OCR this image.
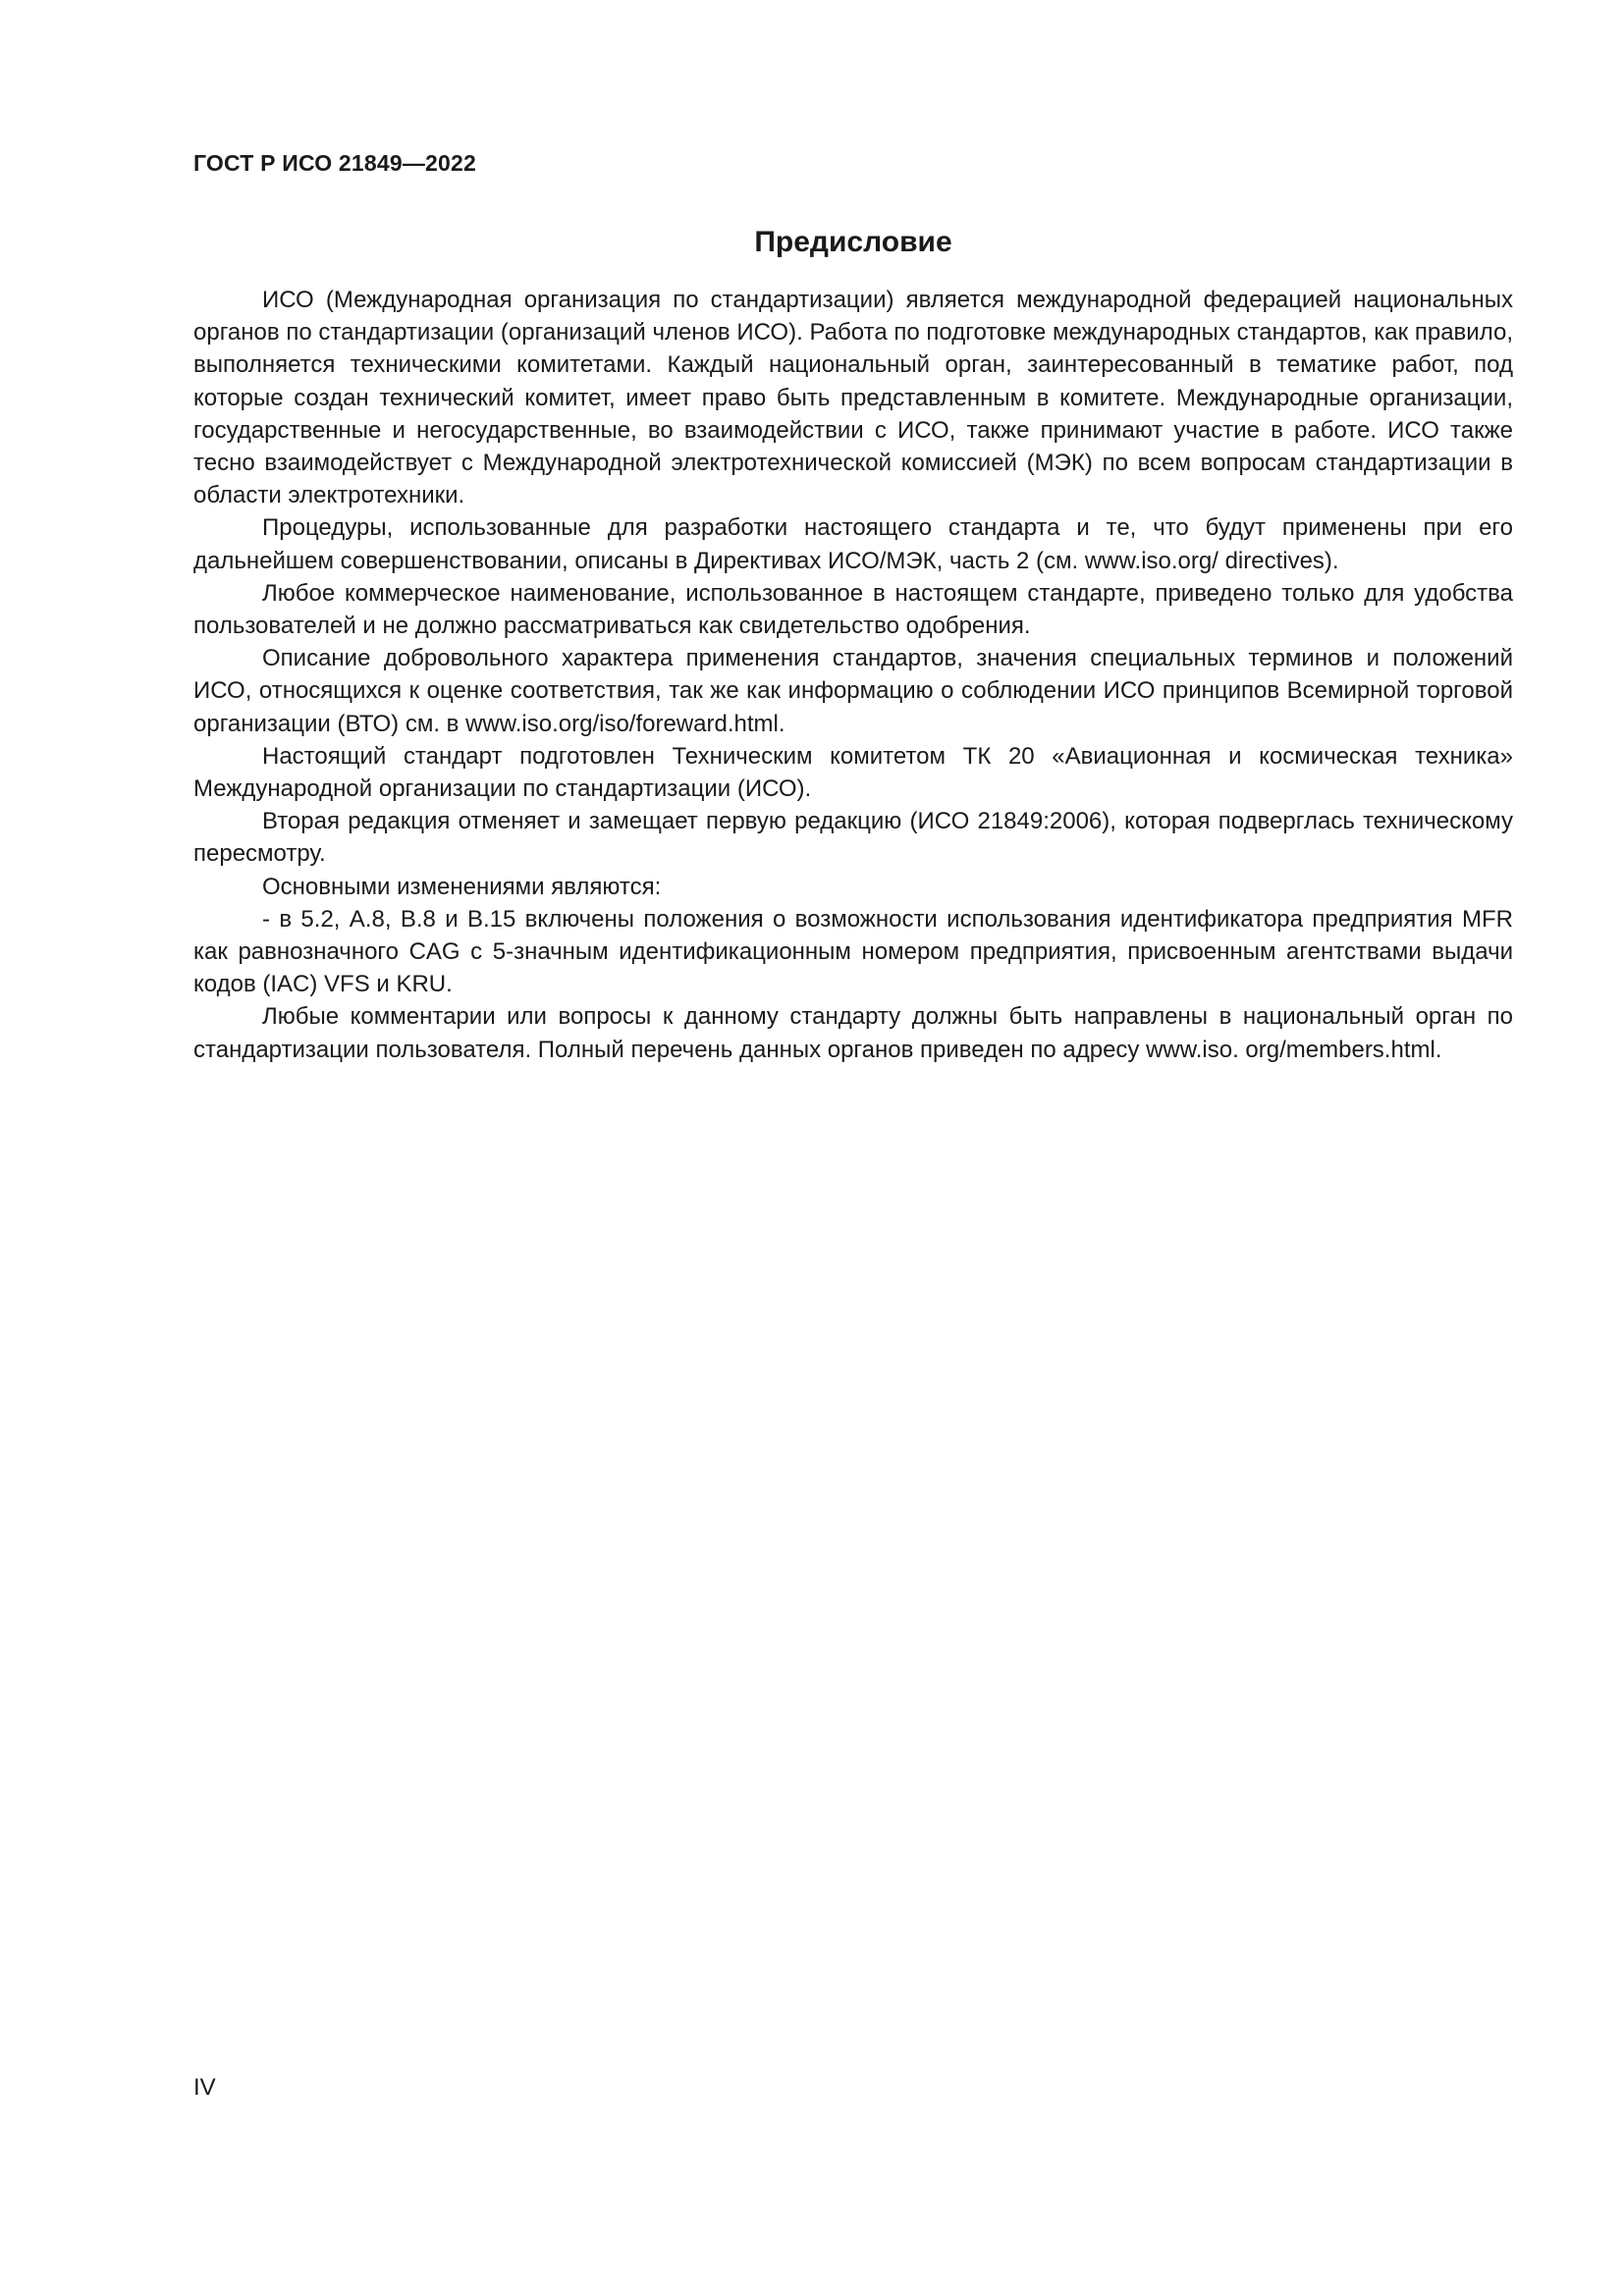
ГОСТ Р ИСО 21849—2022
Предисловие

ИСО (Международная организация по стандартизации) является международной федерацией национальных органов по стандартизации (организаций членов ИСО). Работа по подготовке международных стандартов, как правило, выполняется техническими комитетами. Каждый национальный орган, заинтересованный в тематике работ, под которые создан технический комитет, имеет право быть представленным в комитете. Международные организации, государственные и негосударственные, во взаимодействии с ИСО, также принимают участие в работе. ИСО также тесно взаимодействует с Международной электротехнической комиссией (МЭК) по всем вопросам стандартизации в области электротехники.

Процедуры, использованные для разработки настоящего стандарта и те, что будут применены при его дальнейшем совершенствовании, описаны в Директивах ИСО/МЭК, часть 2 (см. www.iso.org/ directives).

Любое коммерческое наименование, использованное в настоящем стандарте, приведено только для удобства пользователей и не должно рассматриваться как свидетельство одобрения.

Описание добровольного характера применения стандартов, значения специальных терминов и положений ИСО, относящихся к оценке соответствия, так же как информацию о соблюдении ИСО принципов Всемирной торговой организации (ВТО) см. в www.iso.org/iso/foreward.html.

Настоящий стандарт подготовлен Техническим комитетом ТК 20 «Авиационная и космическая техника» Международной организации по стандартизации (ИСО).

Вторая редакция отменяет и замещает первую редакцию (ИСО 21849:2006), которая подверглась техническому пересмотру.

Основными изменениями являются:

- в 5.2, А.8, В.8 и В.15 включены положения о возможности использования идентификатора предприятия MFR как равнозначного CAG с 5-значным идентификационным номером предприятия, присвоенным агентствами выдачи кодов (IAC) VFS и KRU.

Любые комментарии или вопросы к данному стандарту должны быть направлены в национальный орган по стандартизации пользователя. Полный перечень данных органов приведен по адресу www.iso. org/members.html.

IV
